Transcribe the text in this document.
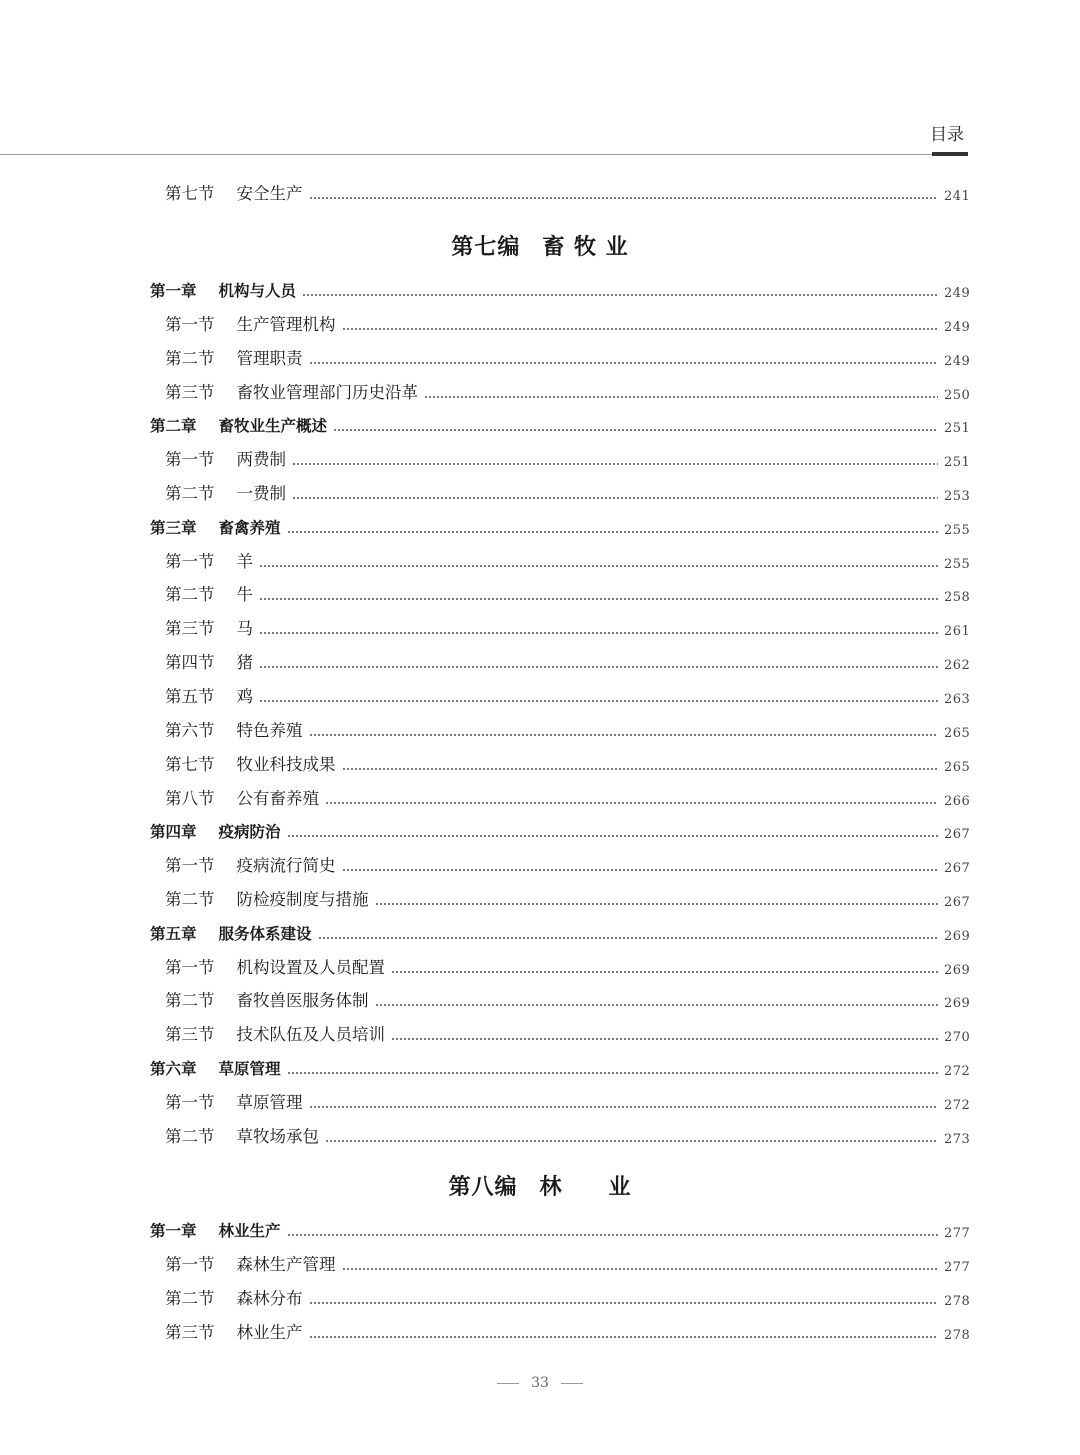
目录
第七节 安仝生产	241
第七编 畜 牧 业
第一章 机构与人员	249
第一节 生产管理机构	249
第二节 管理职责	249
第三节 畜牧业管理部门历史沿革	250
第二章 畜牧业生产概述	251
第一节 两费制	251
第二节 一费制	253
第三章 畜禽养殖	255
第一节 羊	255
第二节 牛	258
第三节 马	261
第四节 猪	262
第五节 鸡	263
第六节 特色养殖	265
第七节 牧业科技成果	265
第八节 公有畜养殖	266
第四章 疫病防治	267
第一节 疫病流行简史	267
第二节 防检疫制度与措施	267
第五章 服务体系建设	269
第一节 机构设置及人员配置	269
第二节 畜牧兽医服务体制	269
第三节 技术队伍及人员培训	270
第六章 草原管理	272
第一节 草原管理	272
第二节 草牧场承包	273
第八编 林　　业
第一章 林业生产	277
第一节 森林生产管理	277
第二节 森林分布	278
第三节 林业生产	278
33
